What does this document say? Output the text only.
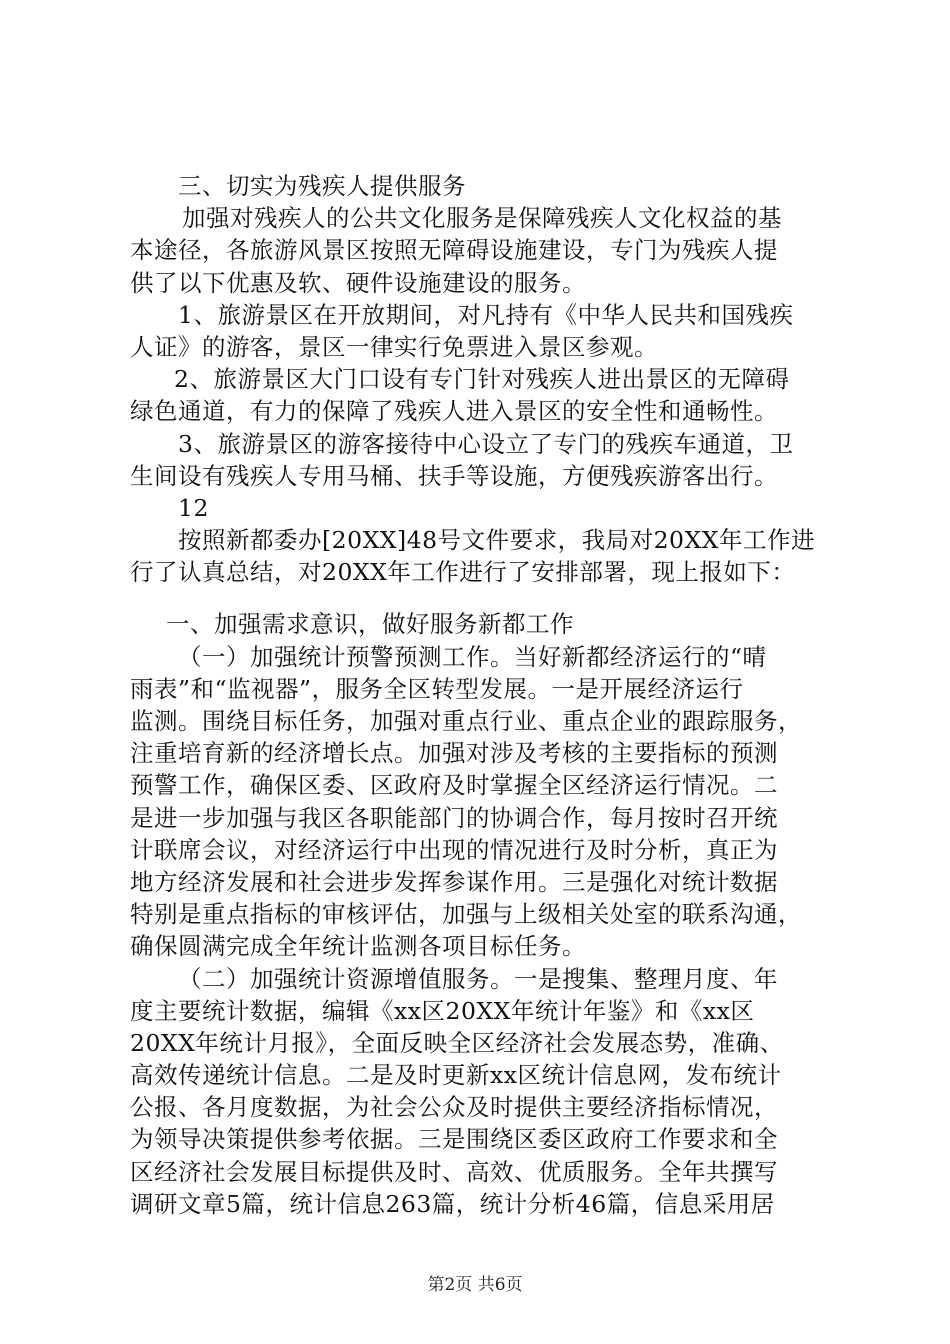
三、切实为残疾人提供服务
加强对残疾人的公共文化服务是保障残疾人文化权益的基
本途径，各旅游风景区按照无障碍设施建设，专门为残疾人提
供了以下优惠及软、硬件设施建设的服务。
1、旅游景区在开放期间，对凡持有《中华人民共和国残疾
人证》的游客，景区一律实行免票进入景区参观。
2、旅游景区大门口设有专门针对残疾人进出景区的无障碍
绿色通道，有力的保障了残疾人进入景区的安全性和通畅性。
3、旅游景区的游客接待中心设立了专门的残疾车通道，卫
生间设有残疾人专用马桶、扶手等设施，方便残疾游客出行。
12
按照新都委办[20XX]48号文件要求，我局对20XX年工作进
行了认真总结，对20XX年工作进行了安排部署，现上报如下：
一、加强需求意识，做好服务新都工作
（一）加强统计预警预测工作。当好新都经济运行的“晴
雨表”和“监视器”，服务全区转型发展。一是开展经济运行
监测。围绕目标任务，加强对重点行业、重点企业的跟踪服务，
注重培育新的经济增长点。加强对涉及考核的主要指标的预测
预警工作，确保区委、区政府及时掌握全区经济运行情况。二
是进一步加强与我区各职能部门的协调合作，每月按时召开统
计联席会议，对经济运行中出现的情况进行及时分析，真正为
地方经济发展和社会进步发挥参谋作用。三是强化对统计数据
特别是重点指标的审核评估，加强与上级相关处室的联系沟通，
确保圆满完成全年统计监测各项目标任务。
（二）加强统计资源增值服务。一是搜集、整理月度、年
度主要统计数据，编辑《xx区20XX年统计年鉴》和《xx区
20XX年统计月报》，全面反映全区经济社会发展态势，准确、
高效传递统计信息。二是及时更新xx区统计信息网，发布统计
公报、各月度数据，为社会公众及时提供主要经济指标情况，
为领导决策提供参考依据。三是围绕区委区政府工作要求和全
区经济社会发展目标提供及时、高效、优质服务。全年共撰写
调研文章5篇，统计信息263篇，统计分析46篇，信息采用居
第2页 共6页
